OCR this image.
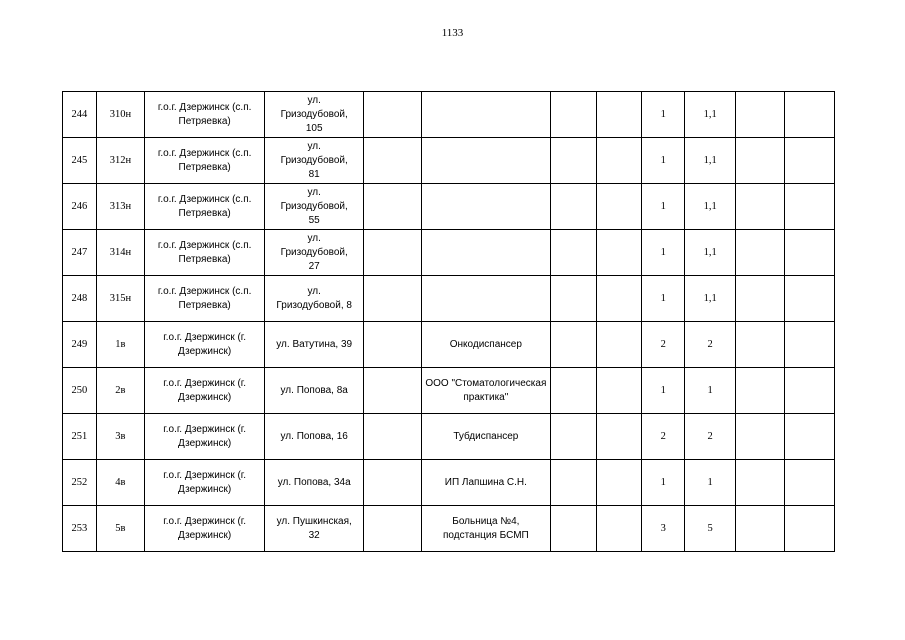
1133
244	310н	г.о.г. Дзержинск (с.п. Петряевка)	ул.
Гризодубовой,
105					1	1,1		
245	312н	г.о.г. Дзержинск (с.п. Петряевка)	ул.
Гризодубовой,
81					1	1,1		
246	313н	г.о.г. Дзержинск (с.п. Петряевка)	ул.
Гризодубовой,
55					1	1,1		
247	314н	г.о.г. Дзержинск (с.п. Петряевка)	ул.
Гризодубовой,
27					1	1,1		
248	315н	г.о.г. Дзержинск (с.п. Петряевка)	ул.
Гризодубовой, 8					1	1,1		
249	1в	г.о.г. Дзержинск (г. Дзержинск)	ул. Ватутина, 39		Онкодиспансер			2	2		
250	2в	г.о.г. Дзержинск (г. Дзержинск)	ул. Попова, 8а		ООО "Стоматологическая практика"			1	1		
251	3в	г.о.г. Дзержинск (г. Дзержинск)	ул. Попова, 16		Тубдиспансер			2	2		
252	4в	г.о.г. Дзержинск (г. Дзержинск)	ул. Попова, 34а		ИП Лапшина С.Н.			1	1		
253	5в	г.о.г. Дзержинск (г. Дзержинск)	ул. Пушкинская,
32		Больница №4, подстанция БСМП			3	5		
